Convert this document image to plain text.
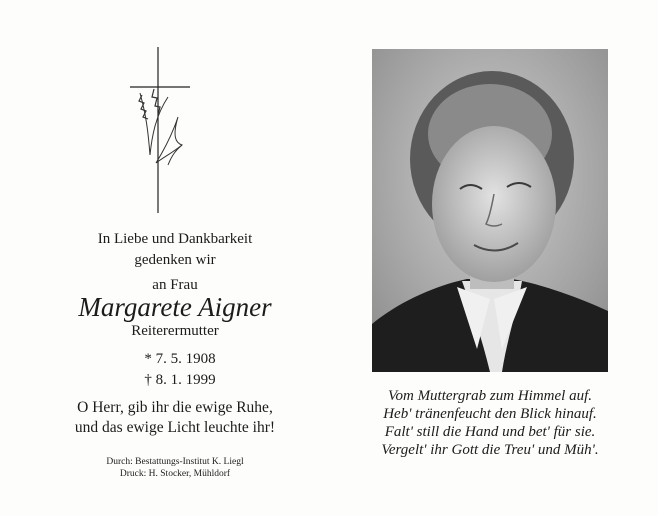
In Liebe und Dankbarkeit
gedenken wir
an Frau
Margarete Aigner
Reiterermutter
* 7. 5. 1908
† 8. 1. 1999
O Herr, gib ihr die ewige Ruhe,
und das ewige Licht leuchte ihr!
Durch: Bestattungs-Institut K. Liegl
Druck: H. Stocker, Mühldorf
Vom Muttergrab zum Himmel auf.
Heb' tränenfeucht den Blick hinauf.
Falt' still die Hand und bet' für sie.
Vergelt' ihr Gott die Treu' und Müh'.
